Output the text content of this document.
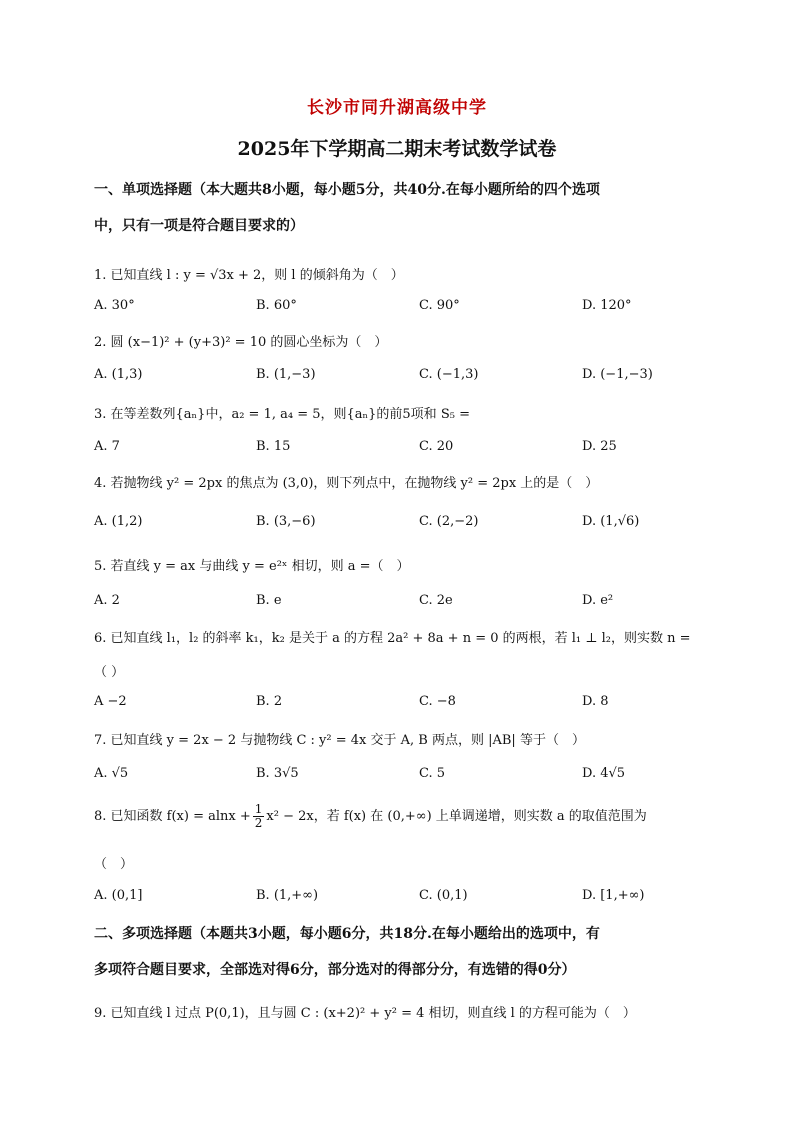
长沙市同升湖高级中学
2025年下学期高二期末考试数学试卷
一、单项选择题（本大题共8小题，每小题5分，共40分.在每小题所给的四个选项
中，只有一项是符合题目要求的）
1. 已知直线 l : y = √3x + 2，则 l 的倾斜角为（　）
A. 30°	B. 60°	C. 90°	D. 120°
2. 圆 (x−1)² + (y+3)² = 10 的圆心坐标为（　）
A. (1,3)	B. (1,−3)	C. (−1,3)	D. (−1,−3)
3. 在等差数列{aₙ}中，a₂ = 1, a₄ = 5，则{aₙ}的前5项和 S₅ =
A. 7	B. 15	C. 20	D. 25
4. 若抛物线 y² = 2px 的焦点为 (3,0)，则下列点中，在抛物线 y² = 2px 上的是（　）
A. (1,2)	B. (3,−6)	C. (2,−2)	D. (1,√6)
5. 若直线 y = ax 与曲线 y = e²ˣ 相切，则 a =（　）
A. 2	B. e	C. 2e	D. e²
6. 已知直线 l₁，l₂ 的斜率 k₁，k₂ 是关于 a 的方程 2a² + 8a + n = 0 的两根，若 l₁ ⊥ l₂，则实数 n =
（ ）
A −2	B. 2	C. −8	D. 8
7. 已知直线 y = 2x − 2 与抛物线 C : y² = 4x 交于 A, B 两点，则 |AB| 等于（　）
A. √5	B. 3√5	C. 5	D. 4√5
8. 已知函数 $f(x) = alnx + \frac{1}{2} x^2 - 2x$，若 f(x) 在 (0,+∞) 上单调递增，则实数 a 的取值范围为
（　）
A. (0,1]	B. (1,+∞)	C. (0,1)	D. [1,+∞)
二、多项选择题（本题共3小题，每小题6分，共18分.在每小题给出的选项中，有
多项符合题目要求，全部选对得6分，部分选对的得部分分，有选错的得0分）
9. 已知直线 l 过点 P(0,1)，且与圆 C : (x+2)² + y² = 4 相切，则直线 l 的方程可能为（　）
